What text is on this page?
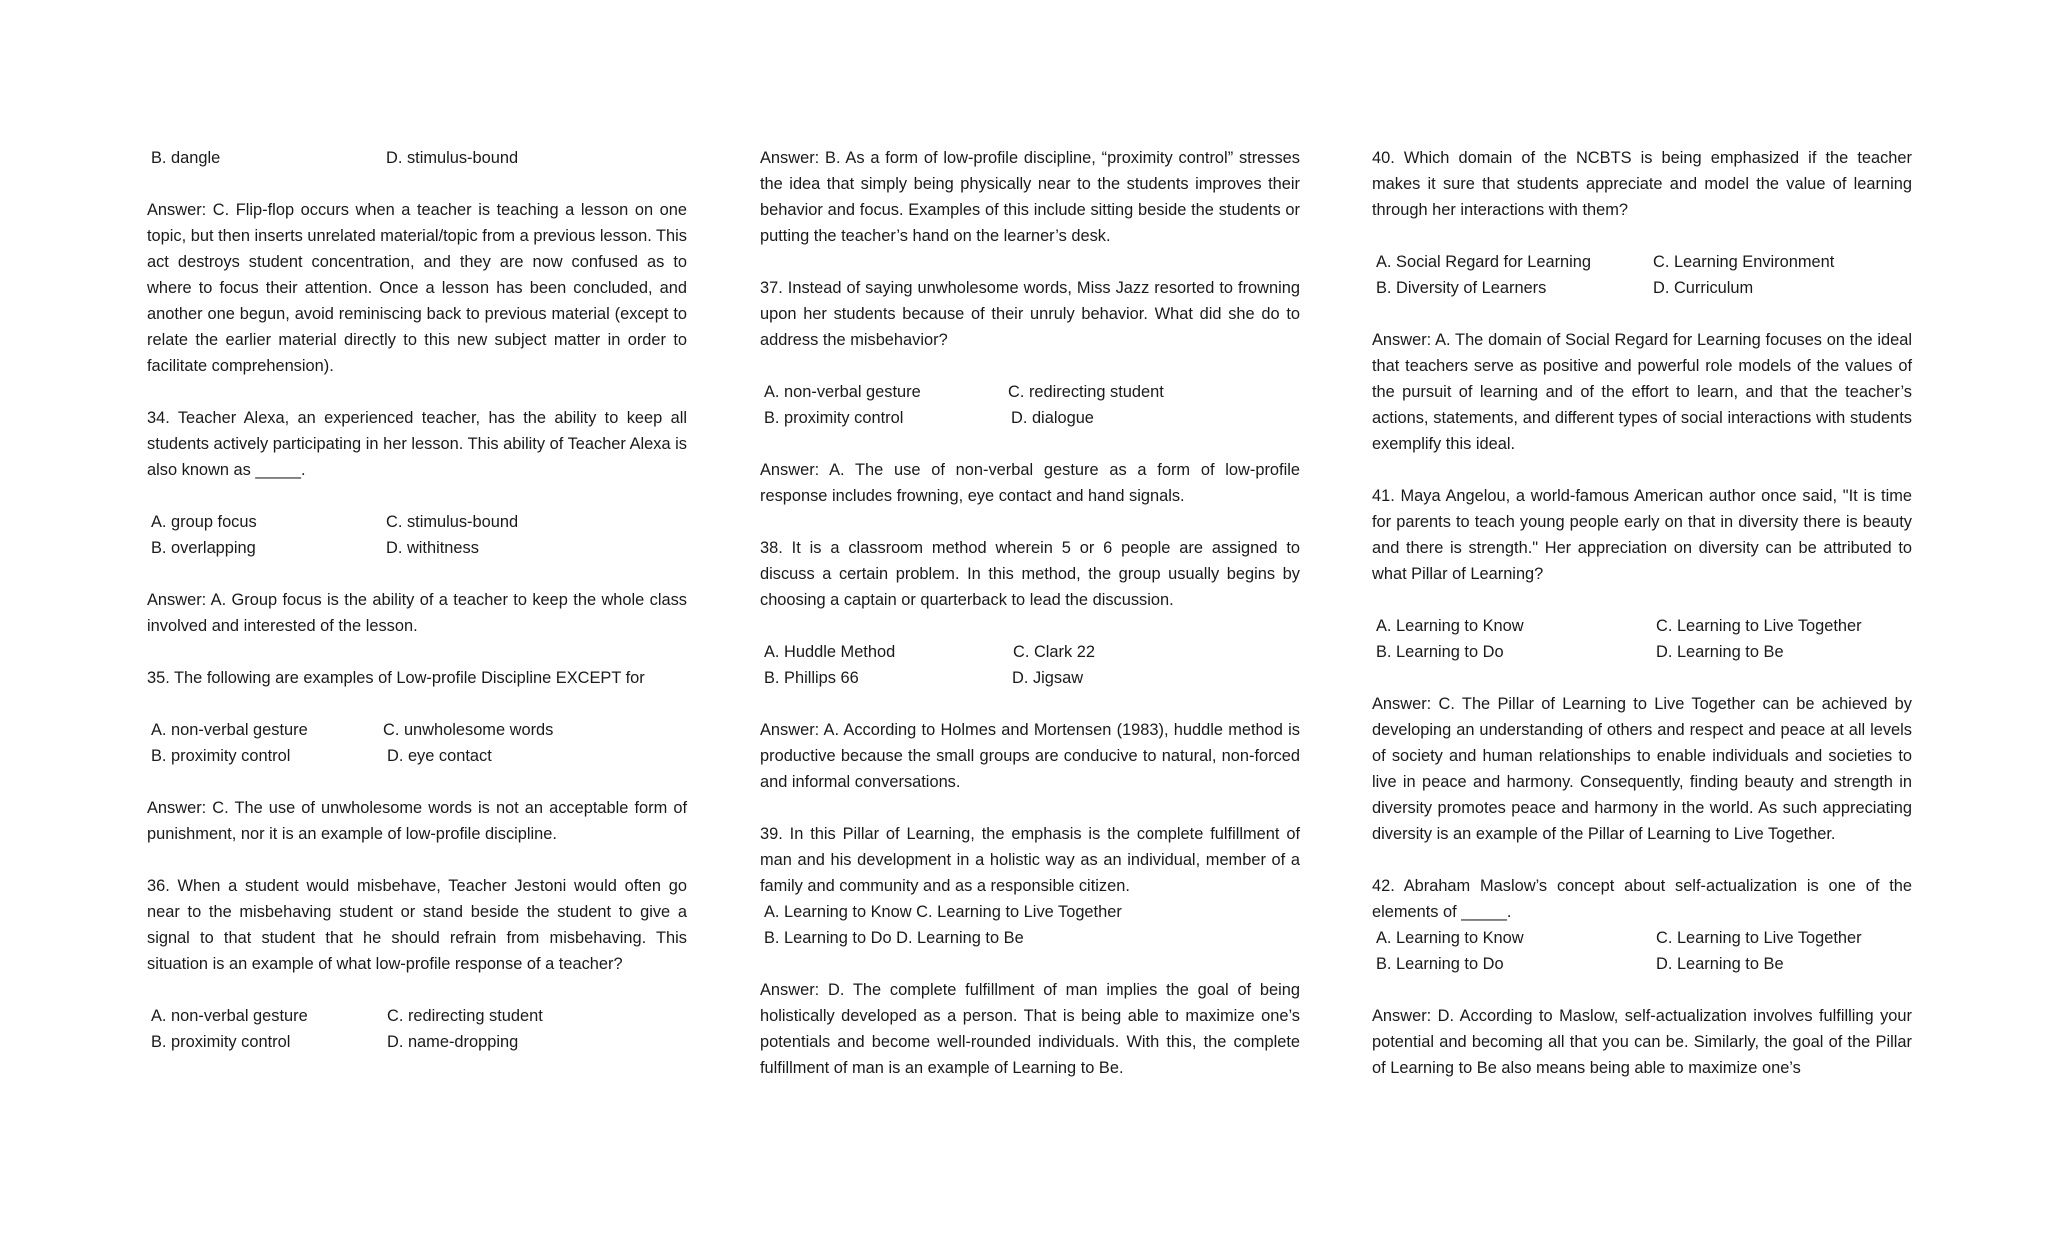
B. dangle	D. stimulus-bound

Answer: C. Flip-flop occurs when a teacher is teaching a lesson on one topic, but then inserts unrelated material/topic from a previous lesson. This act destroys student concentration, and they are now confused as to where to focus their attention. Once a lesson has been concluded, and another one begun, avoid reminiscing back to previous material (except to relate the earlier material directly to this new subject matter in order to facilitate comprehension).

34. Teacher Alexa, an experienced teacher, has the ability to keep all students actively participating in her lesson. This ability of Teacher Alexa is also known as _____.

A. group focus	C. stimulus-bound
B. overlapping	D. withitness

Answer: A. Group focus is the ability of a teacher to keep the whole class involved and interested of the lesson.

35. The following are examples of Low-profile Discipline EXCEPT for

A. non-verbal gesture	C. unwholesome words
B. proximity control	D. eye contact

Answer: C. The use of unwholesome words is not an acceptable form of punishment, nor it is an example of low-profile discipline.

36. When a student would misbehave, Teacher Jestoni would often go near to the misbehaving student or stand beside the student to give a signal to that student that he should refrain from misbehaving. This situation is an example of what low-profile response of a teacher?

A. non-verbal gesture	C. redirecting student
B. proximity control	D. name-dropping

Answer: B. As a form of low-profile discipline, “proximity control” stresses the idea that simply being physically near to the students improves their behavior and focus. Examples of this include sitting beside the students or putting the teacher’s hand on the learner’s desk.

37. Instead of saying unwholesome words, Miss Jazz resorted to frowning upon her students because of their unruly behavior. What did she do to address the misbehavior?

A. non-verbal gesture	C. redirecting student
B. proximity control	D. dialogue

Answer: A. The use of non-verbal gesture as a form of low-profile response includes frowning, eye contact and hand signals.

38. It is a classroom method wherein 5 or 6 people are assigned to discuss a certain problem. In this method, the group usually begins by choosing a captain or quarterback to lead the discussion.

A. Huddle Method	C. Clark 22
B. Phillips 66	D. Jigsaw

Answer: A. According to Holmes and Mortensen (1983), huddle method is productive because the small groups are conducive to natural, non-forced and informal conversations.

39. In this Pillar of Learning, the emphasis is the complete fulfillment of man and his development in a holistic way as an individual, member of a family and community and as a responsible citizen.

A. Learning to Know C. Learning to Live Together
B. Learning to Do D. Learning to Be

Answer: D. The complete fulfillment of man implies the goal of being holistically developed as a person. That is being able to maximize one’s potentials and become well-rounded individuals. With this, the complete fulfillment of man is an example of Learning to Be.

40. Which domain of the NCBTS is being emphasized if the teacher makes it sure that students appreciate and model the value of learning through her interactions with them?

A. Social Regard for Learning	C. Learning Environment
B. Diversity of Learners	D. Curriculum

Answer: A. The domain of Social Regard for Learning focuses on the ideal that teachers serve as positive and powerful role models of the values of the pursuit of learning and of the effort to learn, and that the teacher’s actions, statements, and different types of social interactions with students exemplify this ideal.

41. Maya Angelou, a world-famous American author once said, "It is time for parents to teach young people early on that in diversity there is beauty and there is strength." Her appreciation on diversity can be attributed to what Pillar of Learning?

A. Learning to Know	C. Learning to Live Together
B. Learning to Do	D. Learning to Be

Answer: C. The Pillar of Learning to Live Together can be achieved by developing an understanding of others and respect and peace at all levels of society and human relationships to enable individuals and societies to live in peace and harmony. Consequently, finding beauty and strength in diversity promotes peace and harmony in the world. As such appreciating diversity is an example of the Pillar of Learning to Live Together.

42. Abraham Maslow’s concept about self-actualization is one of the elements of _____.

A. Learning to Know	C. Learning to Live Together
B. Learning to Do	D. Learning to Be

Answer: D. According to Maslow, self-actualization involves fulfilling your potential and becoming all that you can be. Similarly, the goal of the Pillar of Learning to Be also means being able to maximize one’s
